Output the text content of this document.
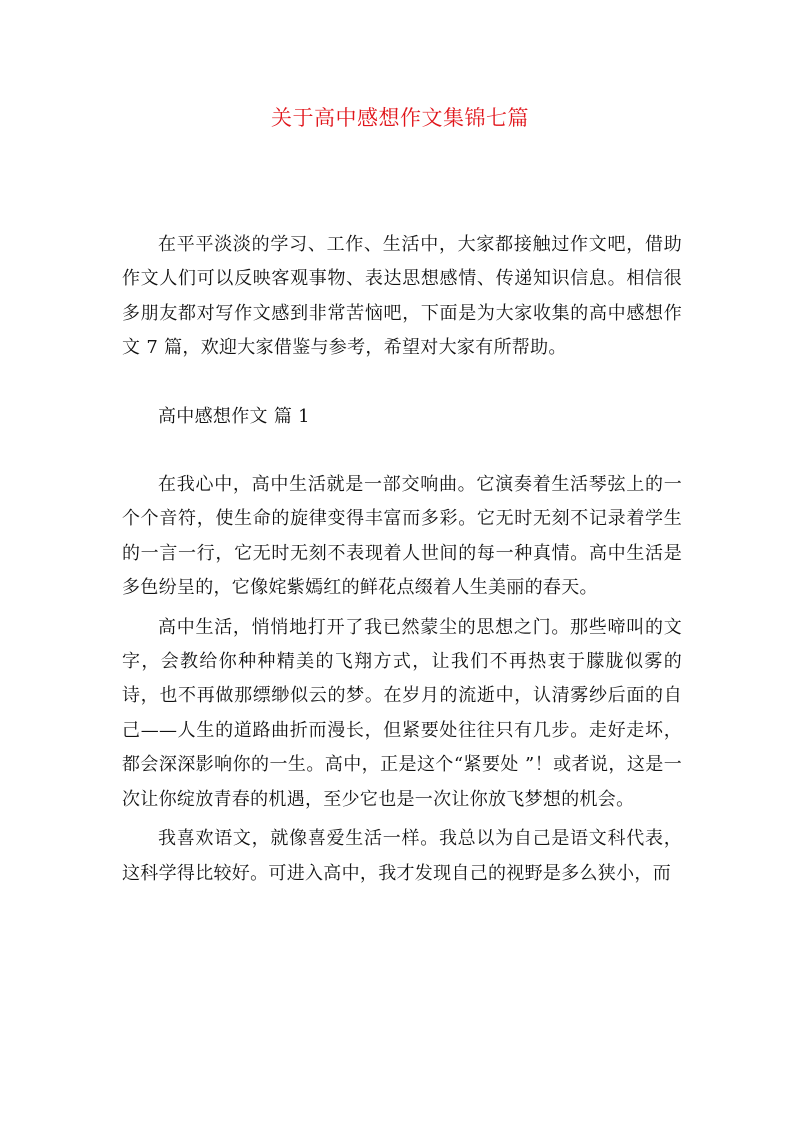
关于高中感想作文集锦七篇

在平平淡淡的学习、工作、生活中，大家都接触过作文吧，借助作文人们可以反映客观事物、表达思想感情、传递知识信息。相信很多朋友都对写作文感到非常苦恼吧，下面是为大家收集的高中感想作文 7 篇，欢迎大家借鉴与参考，希望对大家有所帮助。

高中感想作文 篇 1

在我心中，高中生活就是一部交响曲。它演奏着生活琴弦上的一个个音符，使生命的旋律变得丰富而多彩。它无时无刻不记录着学生的一言一行，它无时无刻不表现着人世间的每一种真情。高中生活是多色纷呈的，它像姹紫嫣红的鲜花点缀着人生美丽的春天。

高中生活，悄悄地打开了我已然蒙尘的思想之门。那些啼叫的文字，会教给你种种精美的飞翔方式，让我们不再热衷于朦胧似雾的诗，也不再做那缥缈似云的梦。在岁月的流逝中，认清雾纱后面的自己——人生的道路曲折而漫长，但紧要处往往只有几步。走好走坏，都会深深影响你的一生。高中，正是这个“紧要处 ”！或者说，这是一次让你绽放青春的机遇，至少它也是一次让你放飞梦想的机会。

我喜欢语文，就像喜爱生活一样。我总以为自己是语文科代表，这科学得比较好。可进入高中，我才发现自己的视野是多么狭小，而
